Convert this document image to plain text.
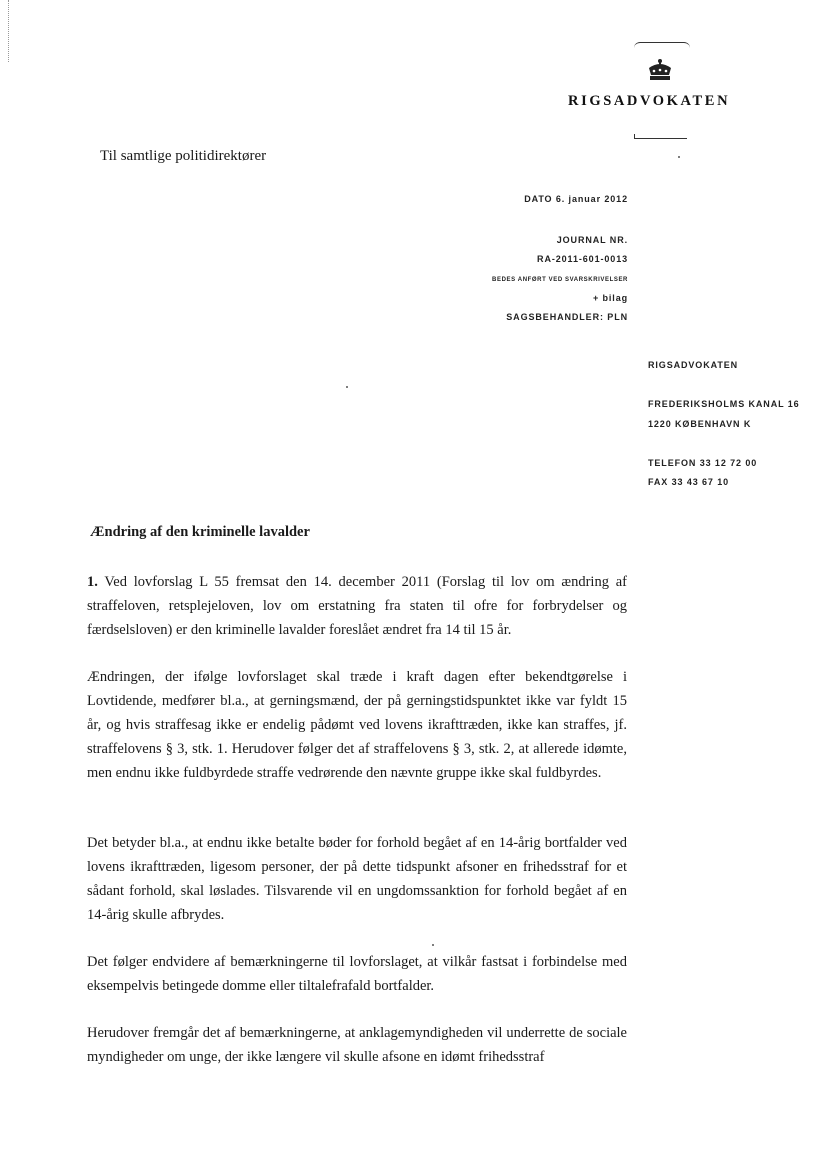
RIGSADVOKATEN
Til samtlige politidirektører
DATO 6. januar 2012
JOURNAL NR.
RA-2011-601-0013
BEDES ANFØRT VED SVARSKRIVELSER
+ bilag
SAGSBEHANDLER: PLN
RIGSADVOKATEN
FREDERIKSHOLMS KANAL 16
1220 KØBENHAVN K
TELEFON 33 12 72 00
FAX 33 43 67 10
Ændring af den kriminelle lavalder
1. Ved lovforslag L 55 fremsat den 14. december 2011 (Forslag til lov om ændring af straffeloven, retsplejeloven, lov om erstatning fra staten til ofre for forbrydelser og færdselsloven) er den kriminelle lavalder foreslået ændret fra 14 til 15 år.
Ændringen, der ifølge lovforslaget skal træde i kraft dagen efter bekendtgørelse i Lovtidende, medfører bl.a., at gerningsmænd, der på gerningstidspunktet ikke var fyldt 15 år, og hvis straffesag ikke er endelig pådømt ved lovens ikrafttræden, ikke kan straffes, jf. straffelovens § 3, stk. 1. Herudover følger det af straffelovens § 3, stk. 2, at allerede idømte, men endnu ikke fuldbyrdede straffe vedrørende den nævnte gruppe ikke skal fuldbyrdes.
Det betyder bl.a., at endnu ikke betalte bøder for forhold begået af en 14-årig bortfalder ved lovens ikrafttræden, ligesom personer, der på dette tidspunkt afsoner en frihedsstraf for et sådant forhold, skal løslades. Tilsvarende vil en ungdomssanktion for forhold begået af en 14-årig skulle afbrydes.
Det følger endvidere af bemærkningerne til lovforslaget, at vilkår fastsat i forbindelse med eksempelvis betingede domme eller tiltalefrafald bortfalder.
Herudover fremgår det af bemærkningerne, at anklagemyndigheden vil underrette de sociale myndigheder om unge, der ikke længere vil skulle afsone en idømt frihedsstraf
